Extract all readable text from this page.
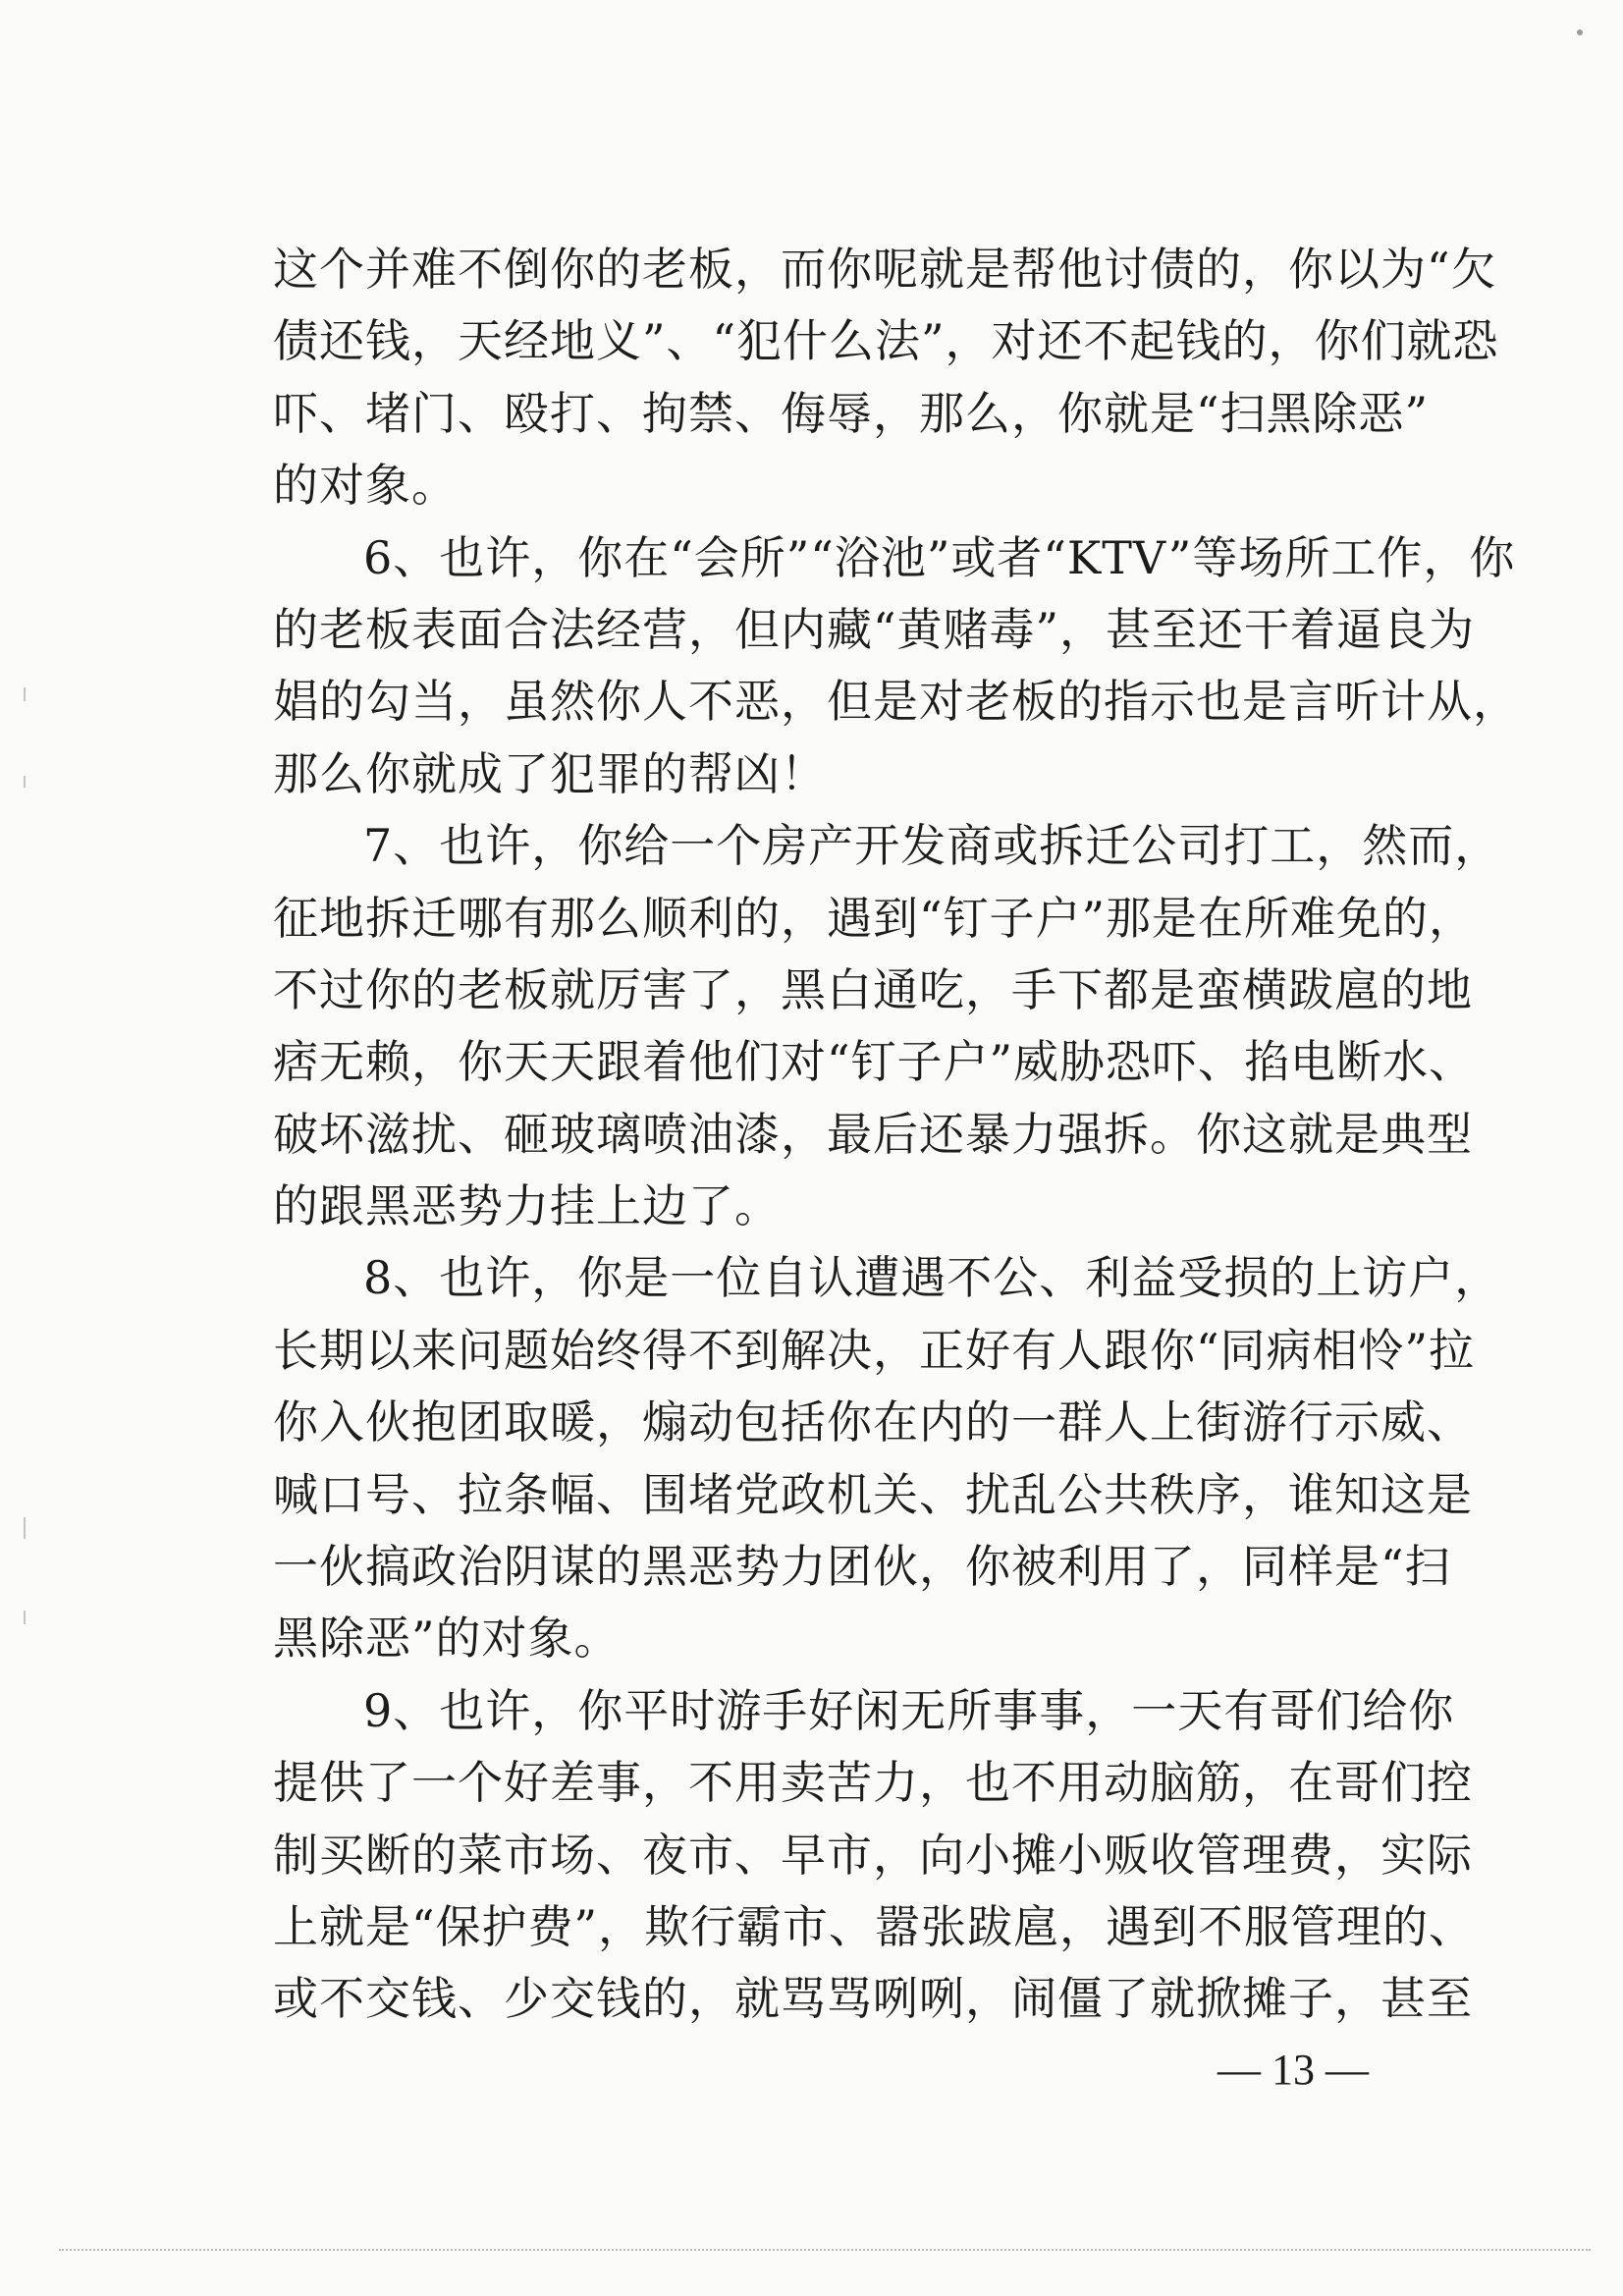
这个并难不倒你的老板，而你呢就是帮他讨债的，你以为“欠
债还钱，天经地义”、“犯什么法”，对还不起钱的，你们就恐
吓、堵门、殴打、拘禁、侮辱，那么，你就是“扫黑除恶”
的对象。
6、也许，你在“会所”“浴池”或者“KTV”等场所工作，你
的老板表面合法经营，但内藏“黄赌毒”，甚至还干着逼良为
娼的勾当，虽然你人不恶，但是对老板的指示也是言听计从，
那么你就成了犯罪的帮凶！
7、也许，你给一个房产开发商或拆迁公司打工，然而，
征地拆迁哪有那么顺利的，遇到“钉子户”那是在所难免的，
不过你的老板就厉害了，黑白通吃，手下都是蛮横跋扈的地
痞无赖，你天天跟着他们对“钉子户”威胁恐吓、掐电断水、
破坏滋扰、砸玻璃喷油漆，最后还暴力强拆。你这就是典型
的跟黑恶势力挂上边了。
8、也许，你是一位自认遭遇不公、利益受损的上访户，
长期以来问题始终得不到解决，正好有人跟你“同病相怜”拉
你入伙抱团取暖，煽动包括你在内的一群人上街游行示威、
喊口号、拉条幅、围堵党政机关、扰乱公共秩序，谁知这是
一伙搞政治阴谋的黑恶势力团伙，你被利用了，同样是“扫
黑除恶”的对象。
9、也许，你平时游手好闲无所事事，一天有哥们给你
提供了一个好差事，不用卖苦力，也不用动脑筋，在哥们控
制买断的菜市场、夜市、早市，向小摊小贩收管理费，实际
上就是“保护费”，欺行霸市、嚣张跋扈，遇到不服管理的、
或不交钱、少交钱的，就骂骂咧咧，闹僵了就掀摊子，甚至
— 13 —
